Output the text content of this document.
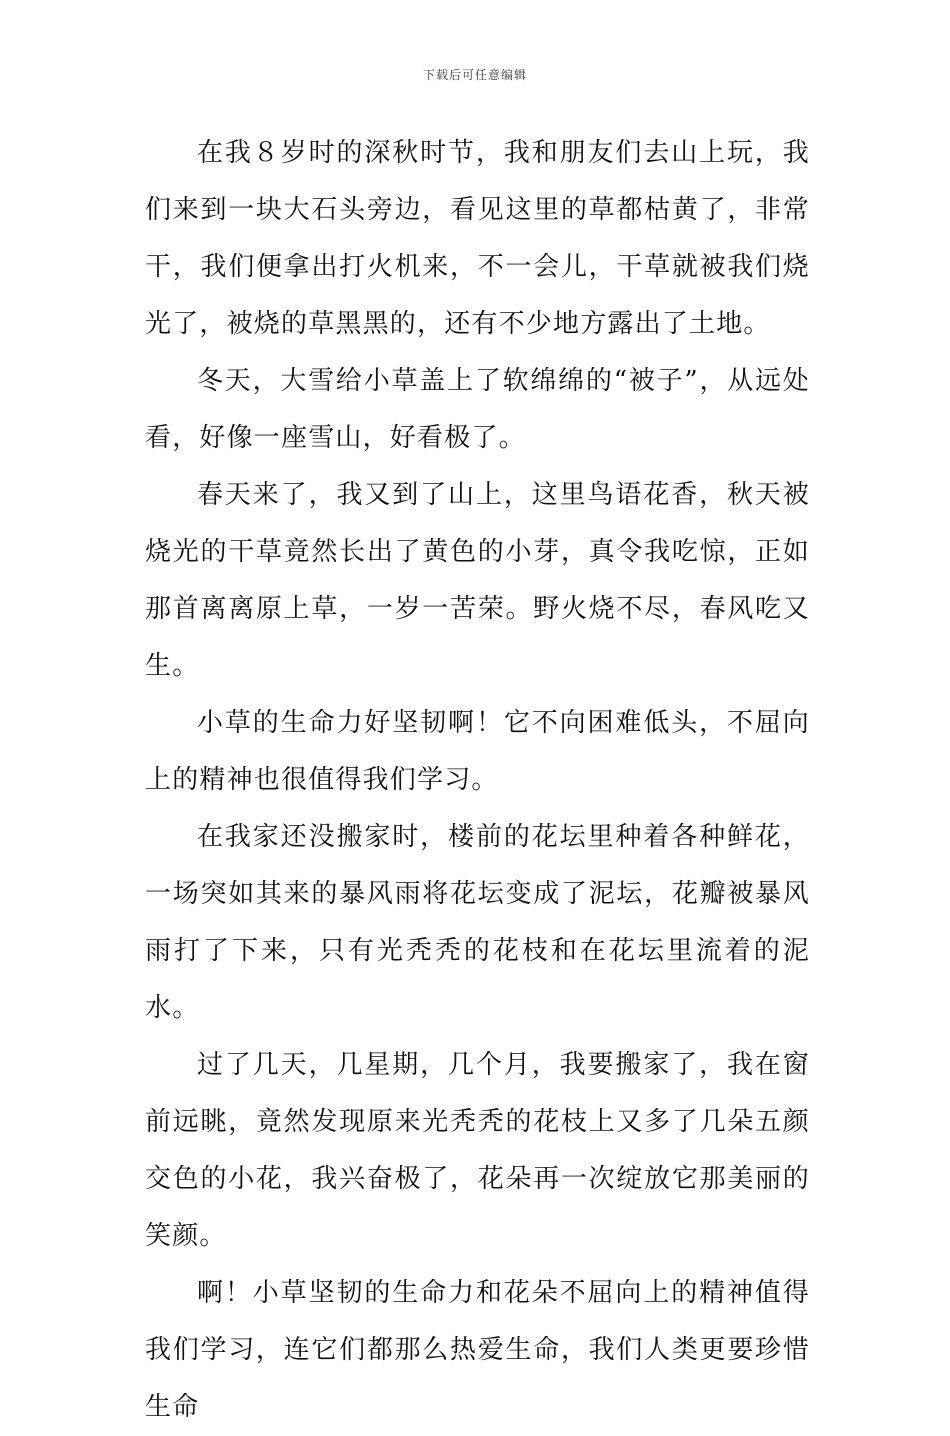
下载后可任意编辑

在我８岁时的深秋时节，我和朋友们去山上玩，我们来到一块大石头旁边，看见这里的草都枯黄了，非常干，我们便拿出打火机来，不一会儿，干草就被我们烧光了，被烧的草黑黑的，还有不少地方露出了土地。

冬天，大雪给小草盖上了软绵绵的“被子”，从远处看，好像一座雪山，好看极了。

春天来了，我又到了山上，这里鸟语花香，秋天被烧光的干草竟然长出了黄色的小芽，真令我吃惊，正如那首离离原上草，一岁一苦荣。野火烧不尽，春风吃又生。

小草的生命力好坚韧啊！它不向困难低头，不屈向上的精神也很值得我们学习。

在我家还没搬家时，楼前的花坛里种着各种鲜花，一场突如其来的暴风雨将花坛变成了泥坛，花瓣被暴风雨打了下来，只有光秃秃的花枝和在花坛里流着的泥水。

过了几天，几星期，几个月，我要搬家了，我在窗前远眺，竟然发现原来光秃秃的花枝上又多了几朵五颜交色的小花，我兴奋极了，花朵再一次绽放它那美丽的笑颜。

啊！小草坚韧的生命力和花朵不屈向上的精神值得我们学习，连它们都那么热爱生命，我们人类更要珍惜生命
